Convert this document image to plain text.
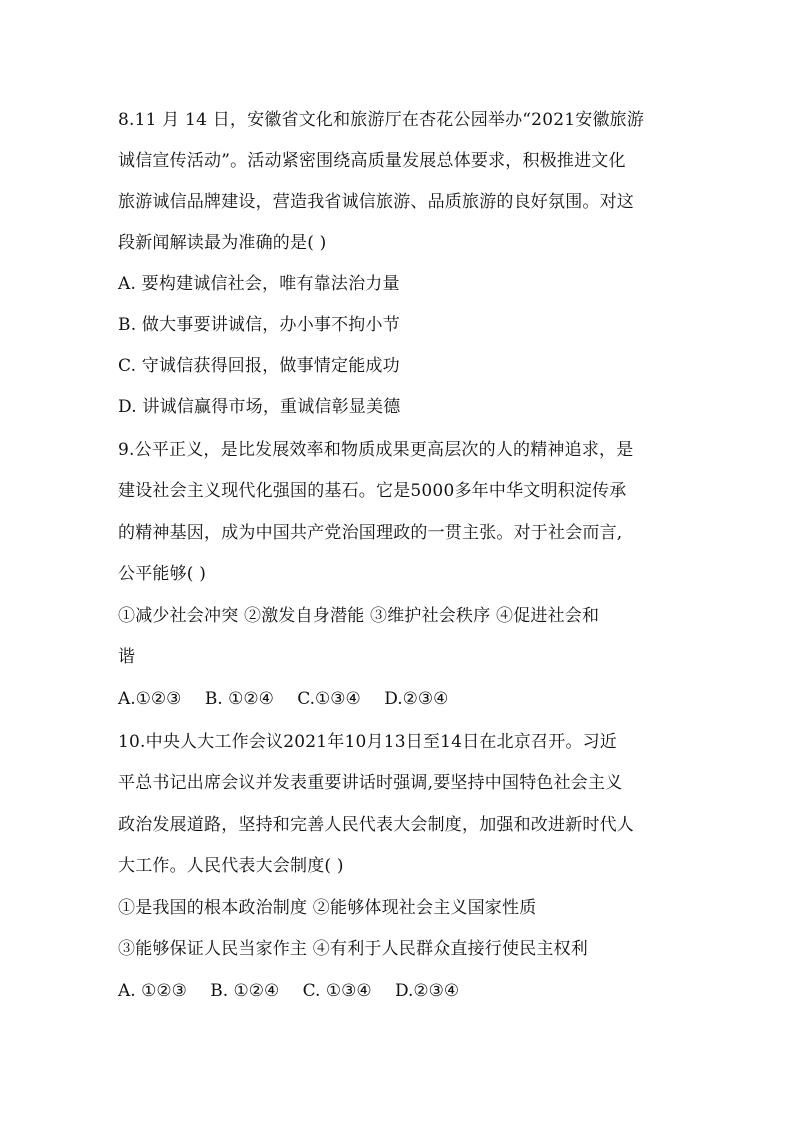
8.11 月 14 日，安徽省文化和旅游厅在杏花公园举办“2021安徽旅游
诚信宣传活动”。活动紧密围绕高质量发展总体要求，积极推进文化
旅游诚信品牌建设，营造我省诚信旅游、品质旅游的良好氛围。对这
段新闻解读最为准确的是( )
A. 要构建诚信社会，唯有靠法治力量
B. 做大事要讲诚信，办小事不拘小节
C. 守诚信获得回报，做事情定能成功
D. 讲诚信赢得市场，重诚信彰显美德
9.公平正义，是比发展效率和物质成果更高层次的人的精神追求，是
建设社会主义现代化强国的基石。它是5000多年中华文明积淀传承
的精神基因，成为中国共产党治国理政的一贯主张。对于社会而言,
公平能够( )
①减少社会冲突 ②激发自身潜能 ③维护社会秩序 ④促进社会和
谐
A.①②③ B. ①②④ C.①③④ D.②③④
10.中央人大工作会议2021年10月13日至14日在北京召开。习近
平总书记出席会议并发表重要讲话时强调,要坚持中国特色社会主义
政治发展道路，坚持和完善人民代表大会制度，加强和改进新时代人
大工作。人民代表大会制度( )
①是我国的根本政治制度 ②能够体现社会主义国家性质
③能够保证人民当家作主 ④有利于人民群众直接行使民主权利
A. ①②③ B. ①②④ C. ①③④ D.②③④
